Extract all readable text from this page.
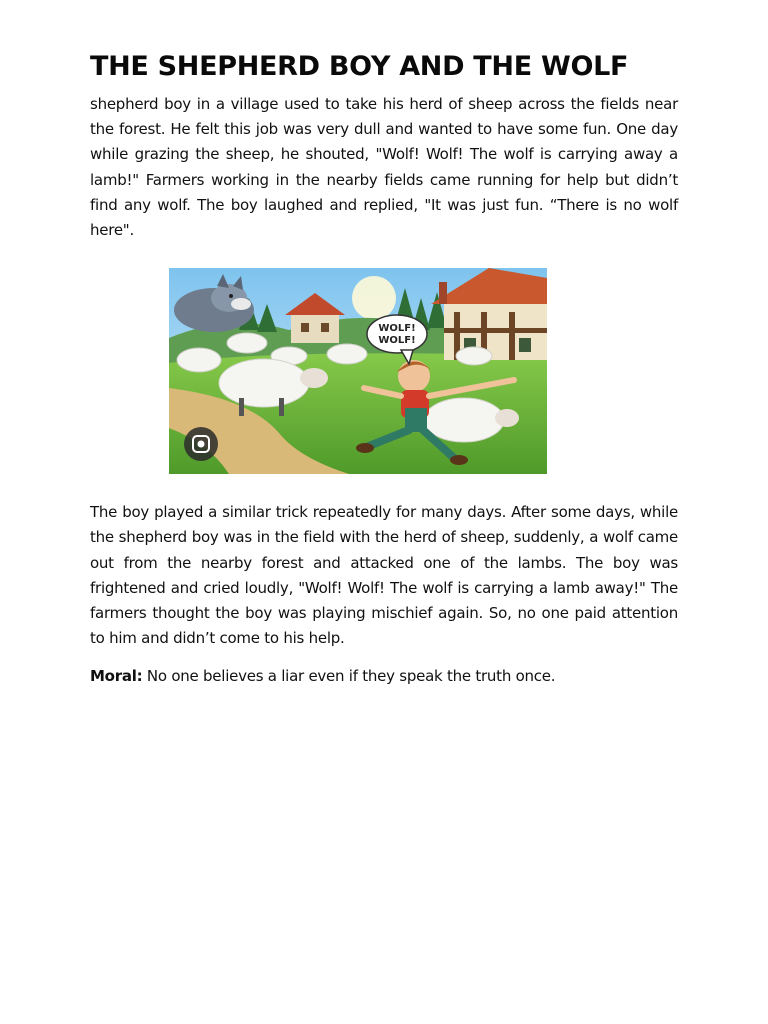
THE SHEPHERD BOY AND THE WOLF

shepherd boy in a village used to take his herd of sheep across the fields near the forest. He felt this job was very dull and wanted to have some fun. One day while grazing the sheep, he shouted, "Wolf! Wolf! The wolf is carrying away a lamb!" Farmers working in the nearby fields came running for help but didn’t find any wolf. The boy laughed and replied, "It was just fun. “There is no wolf here".

WOLF!
WOLF!

The boy played a similar trick repeatedly for many days. After some days, while the shepherd boy was in the field with the herd of sheep, suddenly, a wolf came out from the nearby forest and attacked one of the lambs. The boy was frightened and cried loudly, "Wolf! Wolf! The wolf is carrying a lamb away!" The farmers thought the boy was playing mischief again. So, no one paid attention to him and didn’t come to his help.

Moral: No one believes a liar even if they speak the truth once.
